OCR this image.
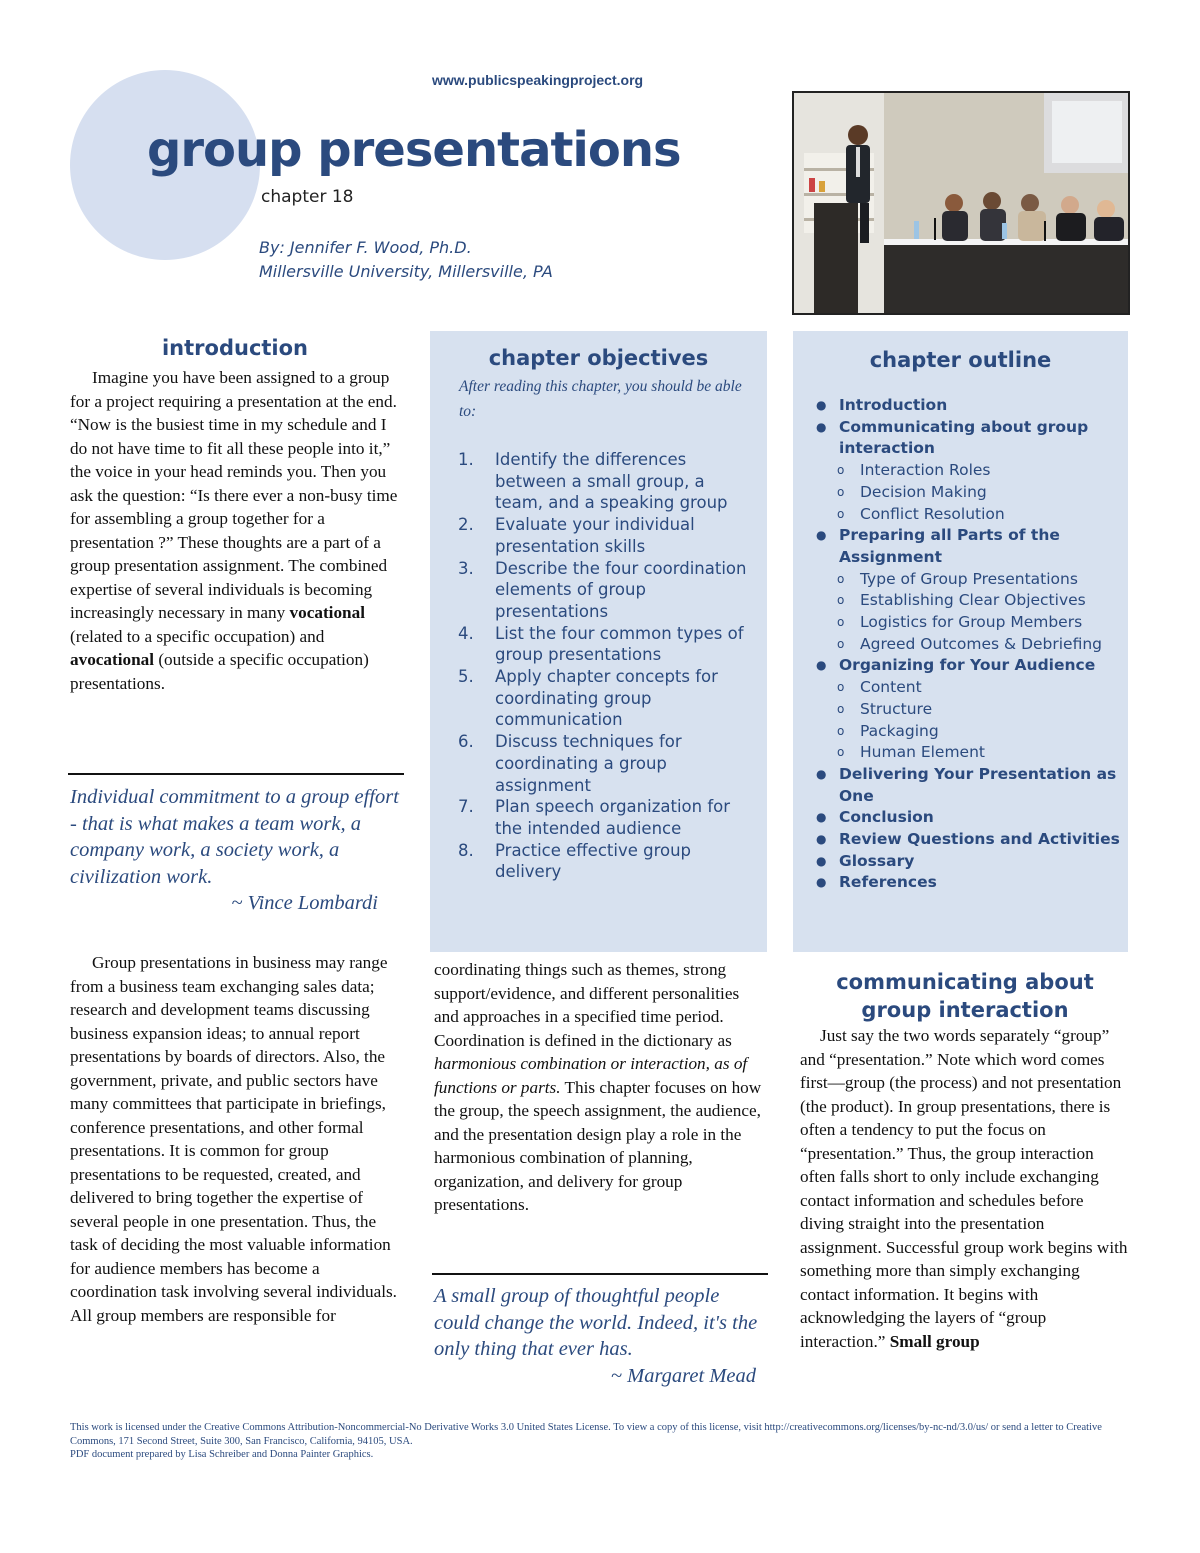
www.publicspeakingproject.org
group presentations
chapter 18
By: Jennifer F. Wood, Ph.D.
Millersville University, Millersville, PA
introduction

Imagine you have been assigned to a group for a project requiring a presentation at the end. “Now is the busiest time in my schedule and I do not have time to fit all these people into it,” the voice in your head reminds you. Then you ask the question: “Is there ever a non-busy time for assembling a group together for a presentation ?” These thoughts are a part of a group presentation assignment. The combined expertise of several individuals is becoming increasingly necessary in many vocational (related to a specific occupation) and avocational (outside a specific occupation) presentations.

Individual commitment to a group effort - that is what makes a team work, a company work, a society work, a civilization work.
~ Vince Lombardi

Group presentations in business may range from a business team exchanging sales data; research and development teams discussing business expansion ideas; to annual report presentations by boards of directors. Also, the government, private, and public sectors have many committees that participate in briefings, conference presentations, and other formal presentations. It is common for group presentations to be requested, created, and delivered to bring together the expertise of several people in one presentation. Thus, the task of deciding the most valuable information for audience members has become a coordination task involving several individuals. All group members are responsible for

chapter objectives
After reading this chapter, you should be able to:
1.	Identify the differences between a small group, a team, and a speaking group
2.	Evaluate your individual presentation skills
3.	Describe the four coordination elements of group presentations
4.	List the four common types of group presentations
5.	Apply chapter concepts for coordinating group communication
6.	Discuss techniques for coordinating a group assignment
7.	Plan speech organization for the intended audience
8.	Practice effective group delivery
chapter outline
● Introduction
● Communicating about group interaction
o	Interaction Roles
o	Decision Making
o	Conflict Resolution
● Preparing all Parts of the Assignment
o	Type of Group Presentations
o	Establishing Clear Objectives
o	Logistics for Group Members
o	Agreed Outcomes & Debriefing
● Organizing for Your Audience
o	Content
o	Structure
o	Packaging
o	Human Element
● Delivering Your Presentation as One
● Conclusion
● Review Questions and Activities
● Glossary
● References
coordinating things such as themes, strong support/evidence, and different personalities and approaches in a specified time period. Coordination is defined in the dictionary as harmonious combination or interaction, as of functions or parts. This chapter focuses on how the group, the speech assignment, the audience, and the presentation design play a role in the harmonious combination of planning, organization, and delivery for group presentations.
A small group of thoughtful people could change the world. Indeed, it's the only thing that ever has.
~ Margaret Mead
communicating about group interaction

Just say the two words separately “group” and “presentation.” Note which word comes first—group (the process) and not presentation (the product). In group presentations, there is often a tendency to put the focus on “presentation.” Thus, the group interaction often falls short to only include exchanging contact information and schedules before diving straight into the presentation assignment. Successful group work begins with something more than simply exchanging contact information. It begins with acknowledging the layers of “group interaction.” Small group

This work is licensed under the Creative Commons Attribution-Noncommercial-No Derivative Works 3.0 United States License. To view a copy of this license, visit http://creativecommons.org/licenses/by-nc-nd/3.0/us/ or send a letter to Creative Commons, 171 Second Street, Suite 300, San Francisco, California, 94105, USA.
PDF document prepared by Lisa Schreiber and Donna Painter Graphics.
